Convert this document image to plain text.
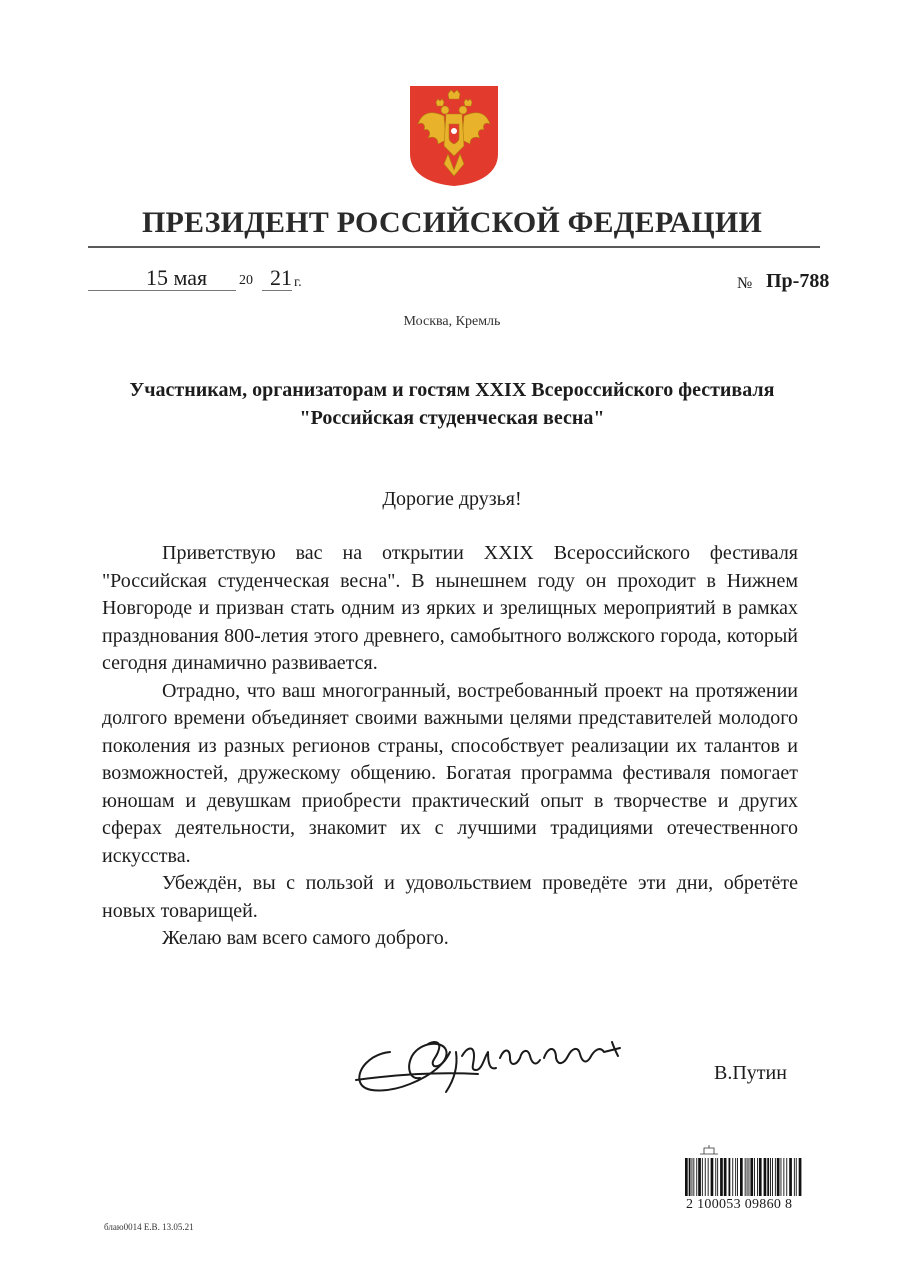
ПРЕЗИДЕНТ РОССИЙСКОЙ ФЕДЕРАЦИИ
15 мая 20 21 г.	№ Пр-788
Москва, Кремль
Участникам, организаторам и гостям XXIX Всероссийского фестиваля "Российская студенческая весна"
Дорогие друзья!

Приветствую вас на открытии XXIX Всероссийского фестиваля "Российская студенческая весна". В нынешнем году он проходит в Нижнем Новгороде и призван стать одним из ярких и зрелищных мероприятий в рамках празднования 800-летия этого древнего, самобытного волжского города, который сегодня динамично развивается.

Отрадно, что ваш многогранный, востребованный проект на протяжении долгого времени объединяет своими важными целями представителей молодого поколения из разных регионов страны, способствует реализации их талантов и возможностей, дружескому общению. Богатая программа фестиваля помогает юношам и девушкам приобрести практический опыт в творчестве и других сферах деятельности, знакомит их с лучшими традициями отечественного искусства.

Убеждён, вы с пользой и удовольствием проведёте эти дни, обретёте новых товарищей.

Желаю вам всего самого доброго.

В.Путин
2 100053 09860 8
блаю0014 Е.В. 13.05.21
